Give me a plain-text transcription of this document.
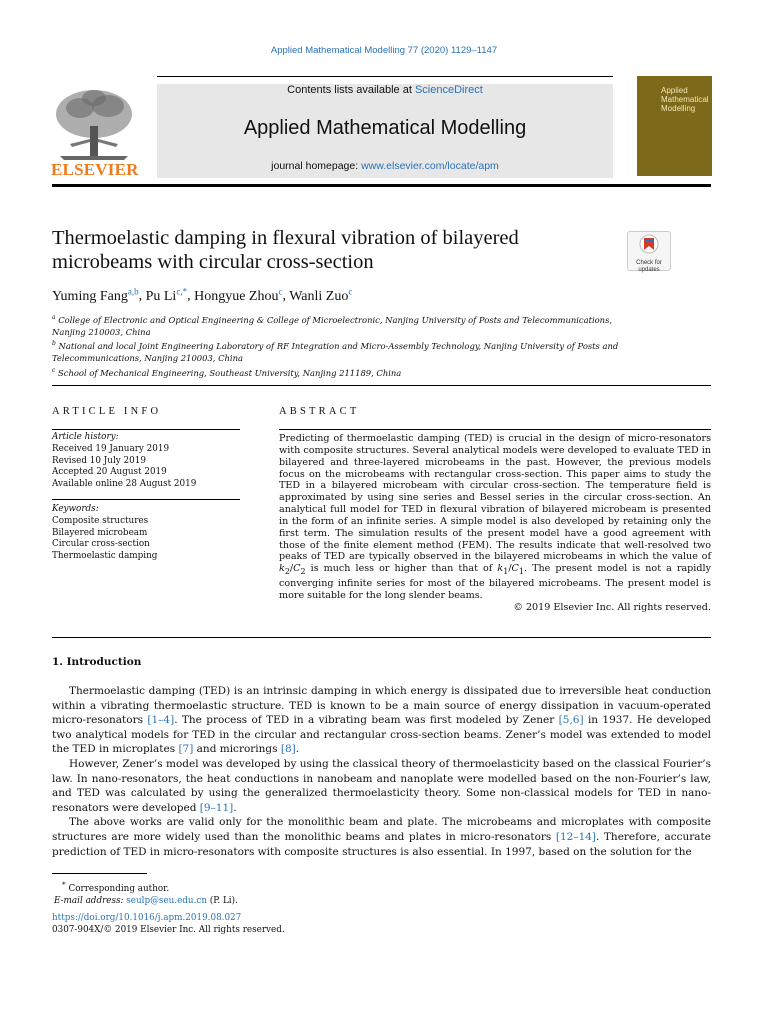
Applied Mathematical Modelling 77 (2020) 1129–1147
ELSEVIER
Contents lists available at ScienceDirect
Applied Mathematical Modelling
journal homepage: www.elsevier.com/locate/apm
Applied
Mathematical
Modelling
Thermoelastic damping in flexural vibration of bilayered
microbeams with circular cross-section	Check for
updates
Yuming Fang$^{a,b}$, Pu $Li^{c,*}$, Hongyue Zhou$^c$, Wanli Zuo$^c$
$^a$ College of Electronic and Optical Engineering & College of Microelectronic, Nanjing University of Posts and Telecommunications, Nanjing 210003, China
$^b$ National and local Joint Engineering Laboratory of RF Integration and Micro-Assembly Technology, Nanjing University of Posts and Telecommunications, Nanjing 210003, China
$^c$ School of Mechanical Engineering, Southeast University, Nanjing 211189, China
ARTICLE INFO
Article history:
Received 19 January 2019
Revised 10 July 2019
Accepted 20 August 2019
Available online 28 August 2019
Keywords:
Composite structures
Bilayered microbeam
Circular cross-section
Thermoelastic damping
ABSTRACT
Predicting of thermoelastic damping (TED) is crucial in the design of micro-resonators with composite structures. Several analytical models were developed to evaluate TED in bilayered and three-layered microbeams in the past. However, the previous models focus on the microbeams with rectangular cross-section. This paper aims to study the TED in a bilayered microbeam with circular cross-section. The temperature field is approximated by using sine series and Bessel series in the circular cross-section. An analytical full model for TED in flexural vibration of bilayered microbeam is presented in the form of an infinite series. A simple model is also developed by retaining only the first term. The simulation results of the present model have a good agreement with those of the finite element method (FEM). The results indicate that well-resolved two peaks of TED are typically observed in the bilayered microbeams in which the value of $k_2/C_2$ is much less or higher than that of $k_1/C_1$. The present model is not a rapidly converging infinite series for most of the bilayered microbeams. The present model is more suitable for the long slender beams.
© 2019 Elsevier Inc. All rights reserved.
1. Introduction

Thermoelastic damping (TED) is an intrinsic damping in which energy is dissipated due to irreversible heat conduction within a vibrating thermoelastic structure. TED is known to be a main source of energy dissipation in vacuum-operated micro-resonators [1–4]. The process of TED in a vibrating beam was first modeled by Zener [5,6] in 1937. He developed two analytical models for TED in the circular and rectangular cross-section beams. Zener’s model was extended to model the TED in microplates [7] and microrings [8].

However, Zener’s model was developed by using the classical theory of thermoelasticity based on the classical Fourier’s law. In nano-resonators, the heat conductions in nanobeam and nanoplate were modelled based on the non-Fourier’s law, and TED was calculated by using the generalized thermoelasticity theory. Some non-classical models for TED in nano-resonators were developed [9–11].

The above works are valid only for the monolithic beam and plate. The microbeams and microplates with composite structures are more widely used than the monolithic beams and plates in micro-resonators [12–14]. Therefore, accurate prediction of TED in micro-resonators with composite structures is also essential. In 1997, based on the solution for the

* Corresponding author.
E-mail address: seulp@seu.edu.cn (P. Li).
https://doi.org/10.1016/j.apm.2019.08.027
0307-904X/© 2019 Elsevier Inc. All rights reserved.
